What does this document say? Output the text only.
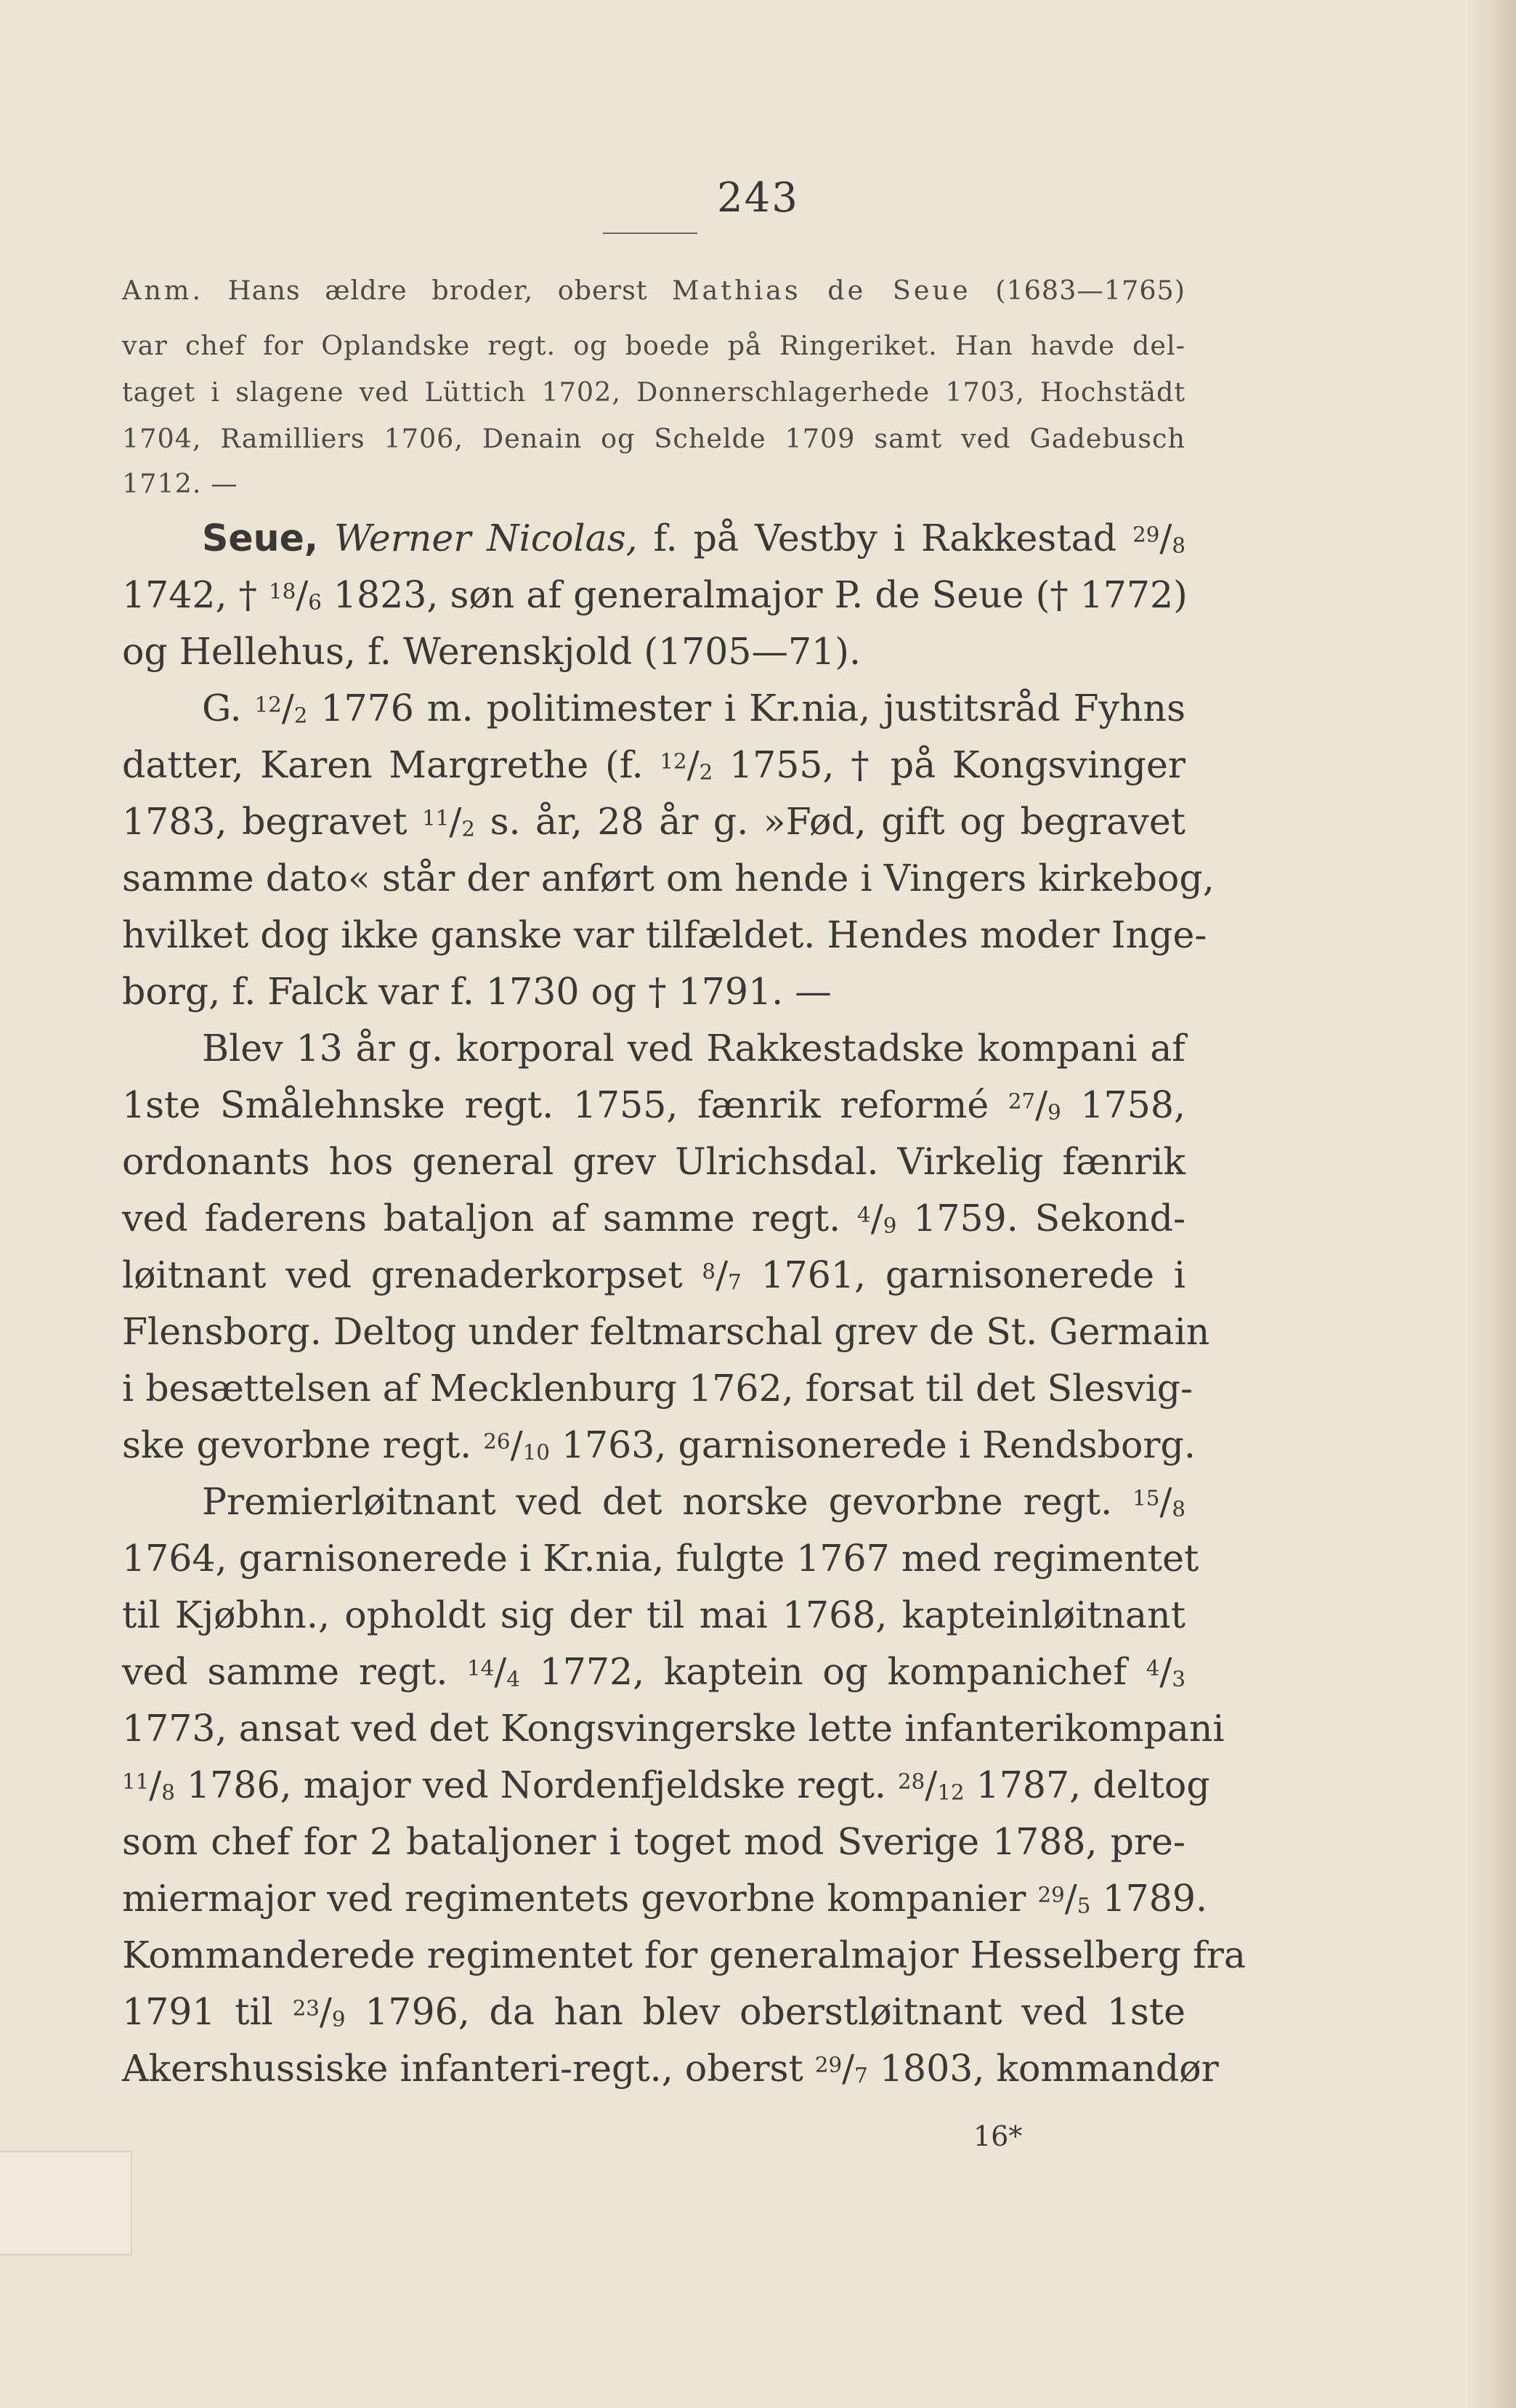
243
Anm. Hans ældre broder, oberst Mathias de Seue (1683—1765)
var chef for Oplandske regt. og boede på Ringeriket. Han havde del-
taget i slagene ved Lüttich 1702, Donnerschlagerhede 1703, Hochstädt
1704, Ramilliers 1706, Denain og Schelde 1709 samt ved Gadebusch
1712. —
Seue, Werner Nicolas, f. på Vestby i Rakkestad $^{29}$/8
1742, † $^{18}$/6 1823, søn af generalmajor P. de Seue († 1772)
og Hellehus, f. Werenskjold (1705—71).
G. $^{12}$/2 1776 m. politimester i Kr.nia, justitsråd Fyhns
datter, Karen Margrethe (f. $^{12}$/2 1755, † på Kongsvinger
1783, begravet $^{11}$/2 s. år, 28 år g. »Fød, gift og begravet
samme dato« står der anført om hende i Vingers kirkebog,
hvilket dog ikke ganske var tilfældet. Hendes moder Inge-
borg, f. Falck var f. 1730 og † 1791. —
Blev 13 år g. korporal ved Rakkestadske kompani af
1ste Smålehnske regt. 1755, fænrik reformé $^{27}$/9 1758,
ordonants hos general grev Ulrichsdal. Virkelig fænrik
ved faderens bataljon af samme regt. $^4$/9 1759. Sekond-
løitnant ved grenaderkorpset $^8$/7 1761, garnisonerede i
Flensborg. Deltog under feltmarschal grev de St. Germain
i besættelsen af Mecklenburg 1762, forsat til det Slesvig-
ske gevorbne regt. $^{26}$/10 1763, garnisonerede i Rendsborg.
Premierløitnant ved det norske gevorbne regt. $^{15}$/8
1764, garnisonerede i Kr.nia, fulgte 1767 med regimentet
til Kjøbhn., opholdt sig der til mai 1768, kapteinløitnant
ved samme regt. $^{14}$/4 1772, kaptein og kompanichef $^4$/3
1773, ansat ved det Kongsvingerske lette infanterikompani
$^{11}$/8 1786, major ved Nordenfjeldske regt. $^{28}$/12 1787, deltog
som chef for 2 bataljoner i toget mod Sverige 1788, pre-
miermajor ved regimentets gevorbne kompanier $^{29}$/5 1789.
Kommanderede regimentet for generalmajor Hesselberg fra
1791 til $^{23}$/9 1796, da han blev oberstløitnant ved 1ste
Akershussiske infanteri-regt., oberst $^{29}$/7 1803, kommandør
16*
